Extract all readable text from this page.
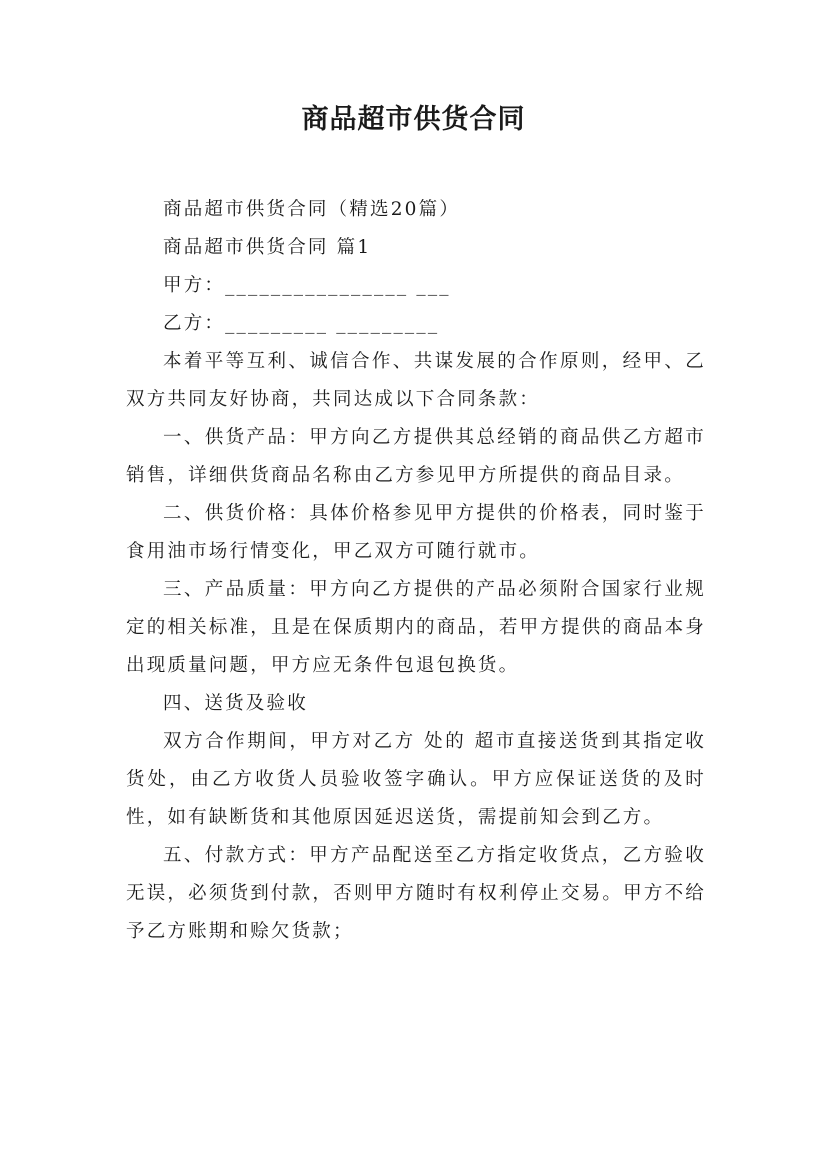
商品超市供货合同

商品超市供货合同（精选20篇）

商品超市供货合同 篇1

甲方：________________ ___

乙方：_________ _________

本着平等互利、诚信合作、共谋发展的合作原则，经甲、乙双方共同友好协商，共同达成以下合同条款：

一、供货产品：甲方向乙方提供其总经销的商品供乙方超市销售，详细供货商品名称由乙方参见甲方所提供的商品目录。

二、供货价格：具体价格参见甲方提供的价格表，同时鉴于食用油市场行情变化，甲乙双方可随行就市。

三、产品质量：甲方向乙方提供的产品必须附合国家行业规定的相关标准，且是在保质期内的商品，若甲方提供的商品本身出现质量问题，甲方应无条件包退包换货。

四、送货及验收

双方合作期间，甲方对乙方 处的 超市直接送货到其指定收货处，由乙方收货人员验收签字确认。甲方应保证送货的及时性，如有缺断货和其他原因延迟送货，需提前知会到乙方。

五、付款方式：甲方产品配送至乙方指定收货点，乙方验收无误，必须货到付款，否则甲方随时有权利停止交易。甲方不给予乙方账期和赊欠货款；
